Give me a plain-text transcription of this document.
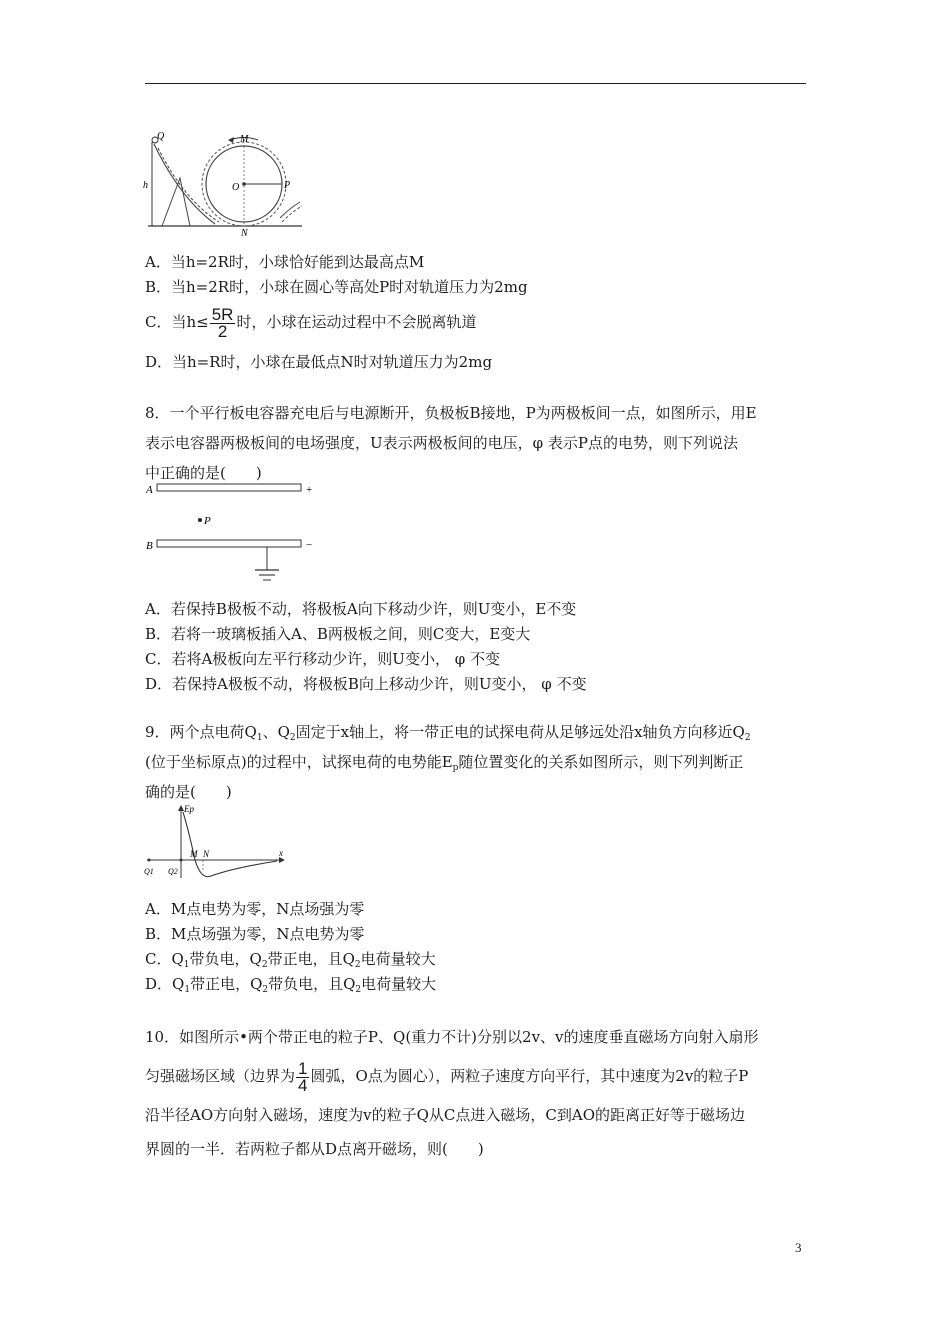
Q
h
M
O	P
N
A．当h=2R时，小球恰好能到达最高点M
B．当h=2R时，小球在圆心等高处P时对轨道压力为2mg
C．当$h\le \frac{5R}{2}$ 时，小球在运动过程中不会脱离轨道
D．当h=R时，小球在最低点N时对轨道压力为2mg
8．一个平行板电容器充电后与电源断开，负极板B接地，P为两极板间一点，如图所示，用E
表示电容器两极板间的电场强度，U表示两极板间的电压，φ 表示P点的电势，则下列说法
中正确的是(　　)
A
B
+
−
P
A．若保持B极板不动，将极板A向下移动少许，则U变小，E不变
B．若将一玻璃板插入A、B两极板之间，则C变大，E变大
C．若将A极板向左平行移动少许，则U变小， φ 不变
D．若保持A极板不动，将极板B向上移动少许，则U变小， φ 不变
9．两个点电荷$Q_1$、$Q_2$固定于x轴上，将一带正电的试探电荷从足够远处沿x轴负方向移近$Q_2$
(位于坐标原点)的过程中，试探电荷的电势能$E_p$随位置变化的关系如图所示，则下列判断正
确的是(　　)
Ep
M N	x
Q1 Q2
A．M点电势为零，N点场强为零
B．M点场强为零，N点电势为零
C．$Q_1$带负电，$Q_2$带正电，且$Q_2$电荷量较大
D．$Q_1$带正电，$Q_2$带负电，且$Q_2$电荷量较大
10．如图所示•两个带正电的粒子P、Q(重力不计)分别以2v、v的速度垂直磁场方向射入扇形
匀强磁场区域（边界为 $\frac{1}{4}$ 圆弧，O点为圆心），两粒子速度方向平行，其中速度为2v的粒子P
沿半径AO方向射入磁场，速度为v的粒子Q从C点进入磁场，C到AO的距离正好等于磁场边
界圆的一半．若两粒子都从D点离开磁场，则(　　)
3
